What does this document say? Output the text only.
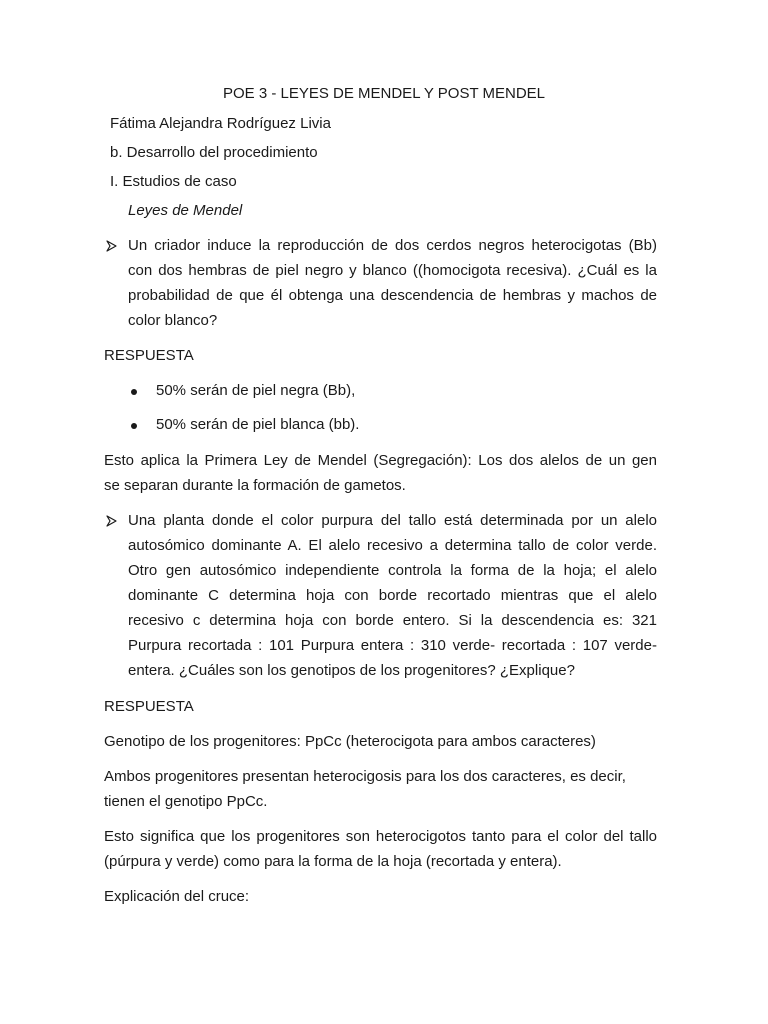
POE 3 - LEYES DE MENDEL Y POST MENDEL
Fátima Alejandra Rodríguez Livia
b. Desarrollo del procedimiento
I. Estudios de caso
Leyes de Mendel
Un criador induce la reproducción de dos cerdos negros heterocigotas (Bb)
con dos hembras de piel negro y blanco ((homocigota recesiva). ¿Cuál es la
probabilidad de que él obtenga una descendencia de hembras y machos de
color blanco?
RESPUESTA
50% serán de piel negra (Bb),
50% serán de piel blanca (bb).
Esto aplica la Primera Ley de Mendel (Segregación): Los dos alelos de un gen
se separan durante la formación de gametos.
Una planta donde el color purpura del tallo está determinada por un alelo
autosómico dominante A. El alelo recesivo a determina tallo de color verde.
Otro gen autosómico independiente controla la forma de la hoja; el alelo
dominante C determina hoja con borde recortado mientras que el alelo
recesivo c determina hoja con borde entero. Si la descendencia es: 321
Purpura recortada : 101 Purpura entera : 310 verde- recortada : 107 verde-
entera. ¿Cuáles son los genotipos de los progenitores? ¿Explique?
RESPUESTA
Genotipo de los progenitores: PpCc (heterocigota para ambos caracteres)
Ambos progenitores presentan heterocigosis para los dos caracteres, es decir,
tienen el genotipo PpCc.
Esto significa que los progenitores son heterocigotos tanto para el color del tallo
(púrpura y verde) como para la forma de la hoja (recortada y entera).
Explicación del cruce:
